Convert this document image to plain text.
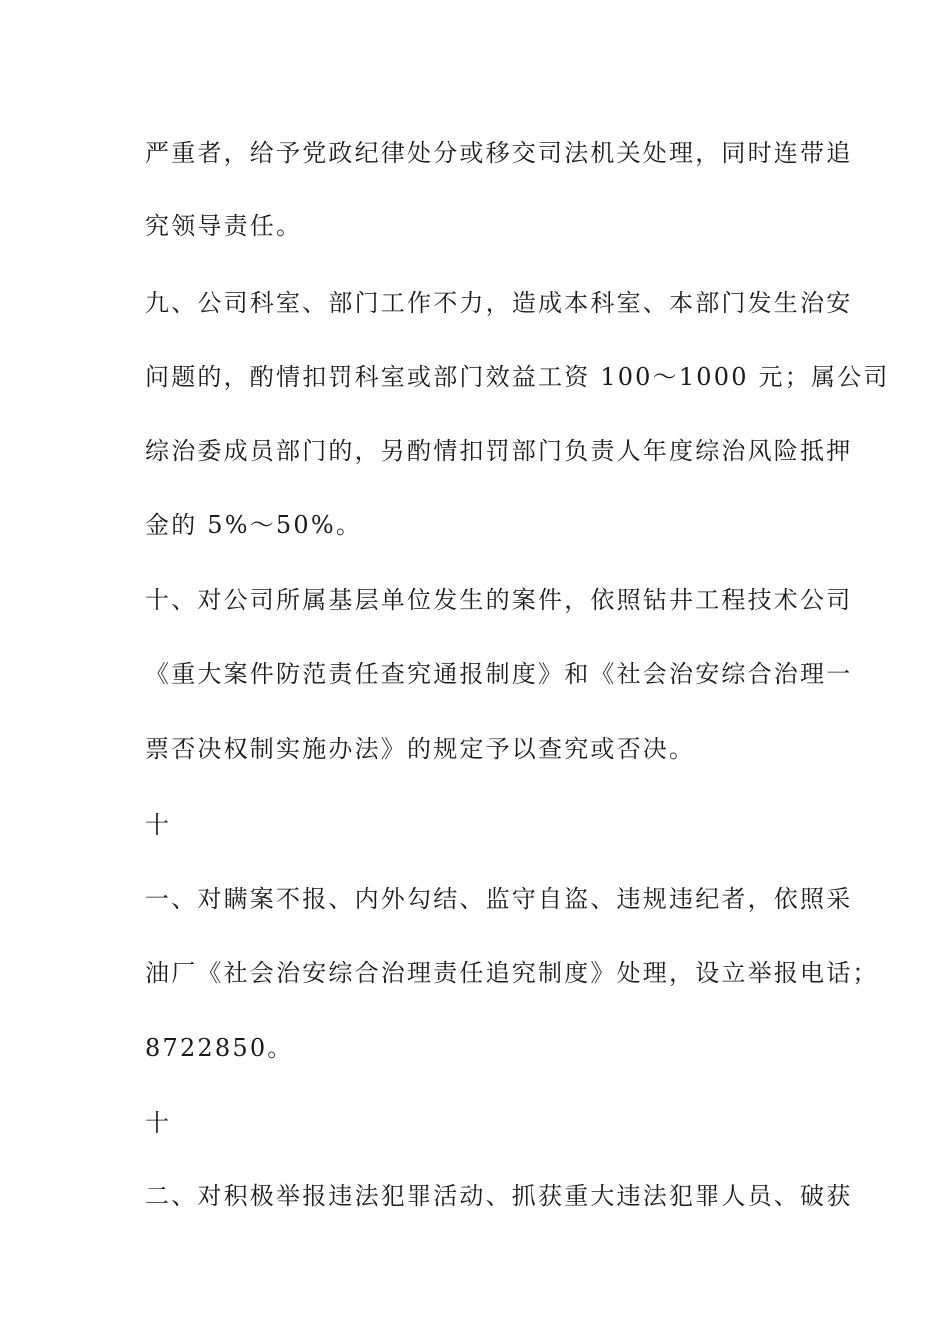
严重者，给予党政纪律处分或移交司法机关处理，同时连带追
究领导责任。
九、公司科室、部门工作不力，造成本科室、本部门发生治安
问题的，酌情扣罚科室或部门效益工资 100～1000 元；属公司
综治委成员部门的，另酌情扣罚部门负责人年度综治风险抵押
金的 5%～50%。
十、对公司所属基层单位发生的案件，依照钻井工程技术公司
《重大案件防范责任查究通报制度》和《社会治安综合治理一
票否决权制实施办法》的规定予以查究或否决。
十
一、对瞒案不报、内外勾结、监守自盗、违规违纪者，依照采
油厂《社会治安综合治理责任追究制度》处理，设立举报电话；
8722850。
十
二、对积极举报违法犯罪活动、抓获重大违法犯罪人员、破获
